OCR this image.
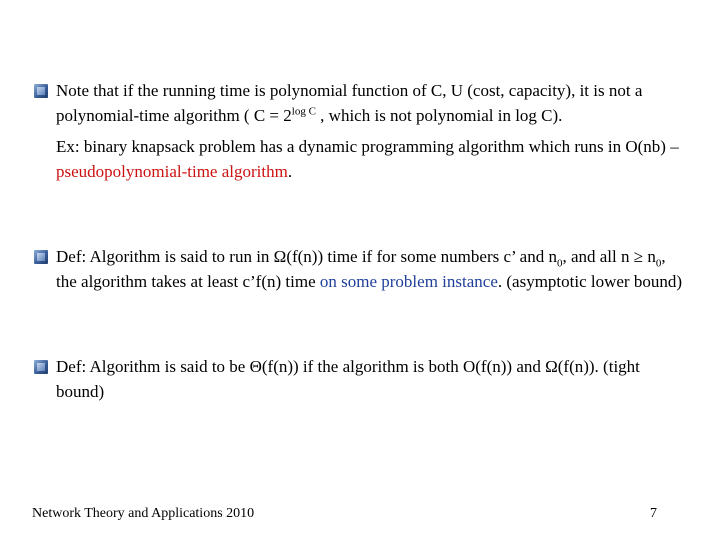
Note that if the running time is polynomial function of C, U (cost, capacity), it is not a polynomial-time algorithm ( $C = 2^{log C}$ , which is not polynomial in log C).
Ex: binary knapsack problem has a dynamic programming algorithm which runs in O(nb) – pseudopolynomial-time algorithm.
Def: Algorithm is said to run in Ω(f(n)) time if for some numbers c’ and $n_0$, and all $n \ge n_0$, the algorithm takes at least c’f(n) time on some problem instance. (asymptotic lower bound)
Def: Algorithm is said to be Θ(f(n)) if the algorithm is both O(f(n)) and Ω(f(n)). (tight bound)
Network Theory and Applications 2010	7
